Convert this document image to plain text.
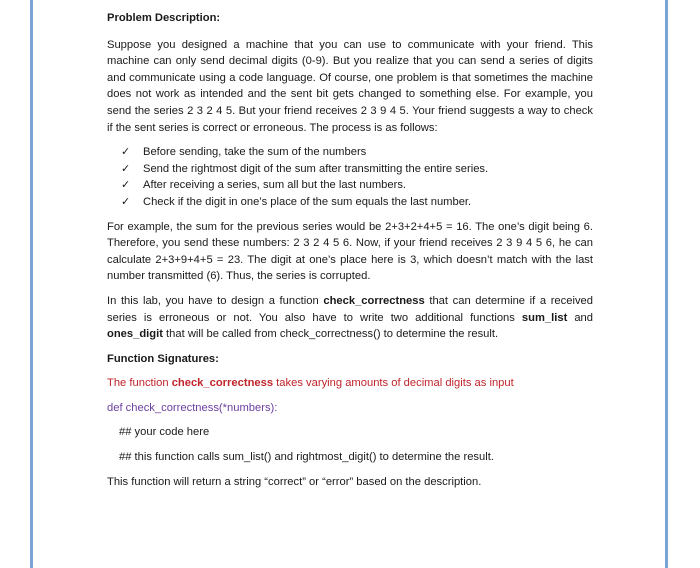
Problem Description:

Suppose you designed a machine that you can use to communicate with your friend. This machine can only send decimal digits (0-9). But you realize that you can send a series of digits and communicate using a code language. Of course, one problem is that sometimes the machine does not work as intended and the sent bit gets changed to something else. For example, you send the series 2 3 2 4 5. But your friend receives 2 3 9 4 5. Your friend suggests a way to check if the sent series is correct or erroneous. The process is as follows:

✓	Before sending, take the sum of the numbers
✓	Send the rightmost digit of the sum after transmitting the entire series.
✓	After receiving a series, sum all but the last numbers.
✓	Check if the digit in one’s place of the sum equals the last number.

For example, the sum for the previous series would be 2+3+2+4+5 = 16. The one’s digit being 6. Therefore, you send these numbers: 2 3 2 4 5 6. Now, if your friend receives 2 3 9 4 5 6, he can calculate 2+3+9+4+5 = 23. The digit at one’s place here is 3, which doesn’t match with the last number transmitted (6). Thus, the series is corrupted.

In this lab, you have to design a function check_correctness that can determine if a received series is erroneous or not. You also have to write two additional functions sum_list and ones_digit that will be called from check_correctness() to determine the result.

Function Signatures:

The function check_correctness takes varying amounts of decimal digits as input

def check_correctness(*numbers):

## your code here

## this function calls sum_list() and rightmost_digit() to determine the result.

This function will return a string “correct” or “error” based on the description.
